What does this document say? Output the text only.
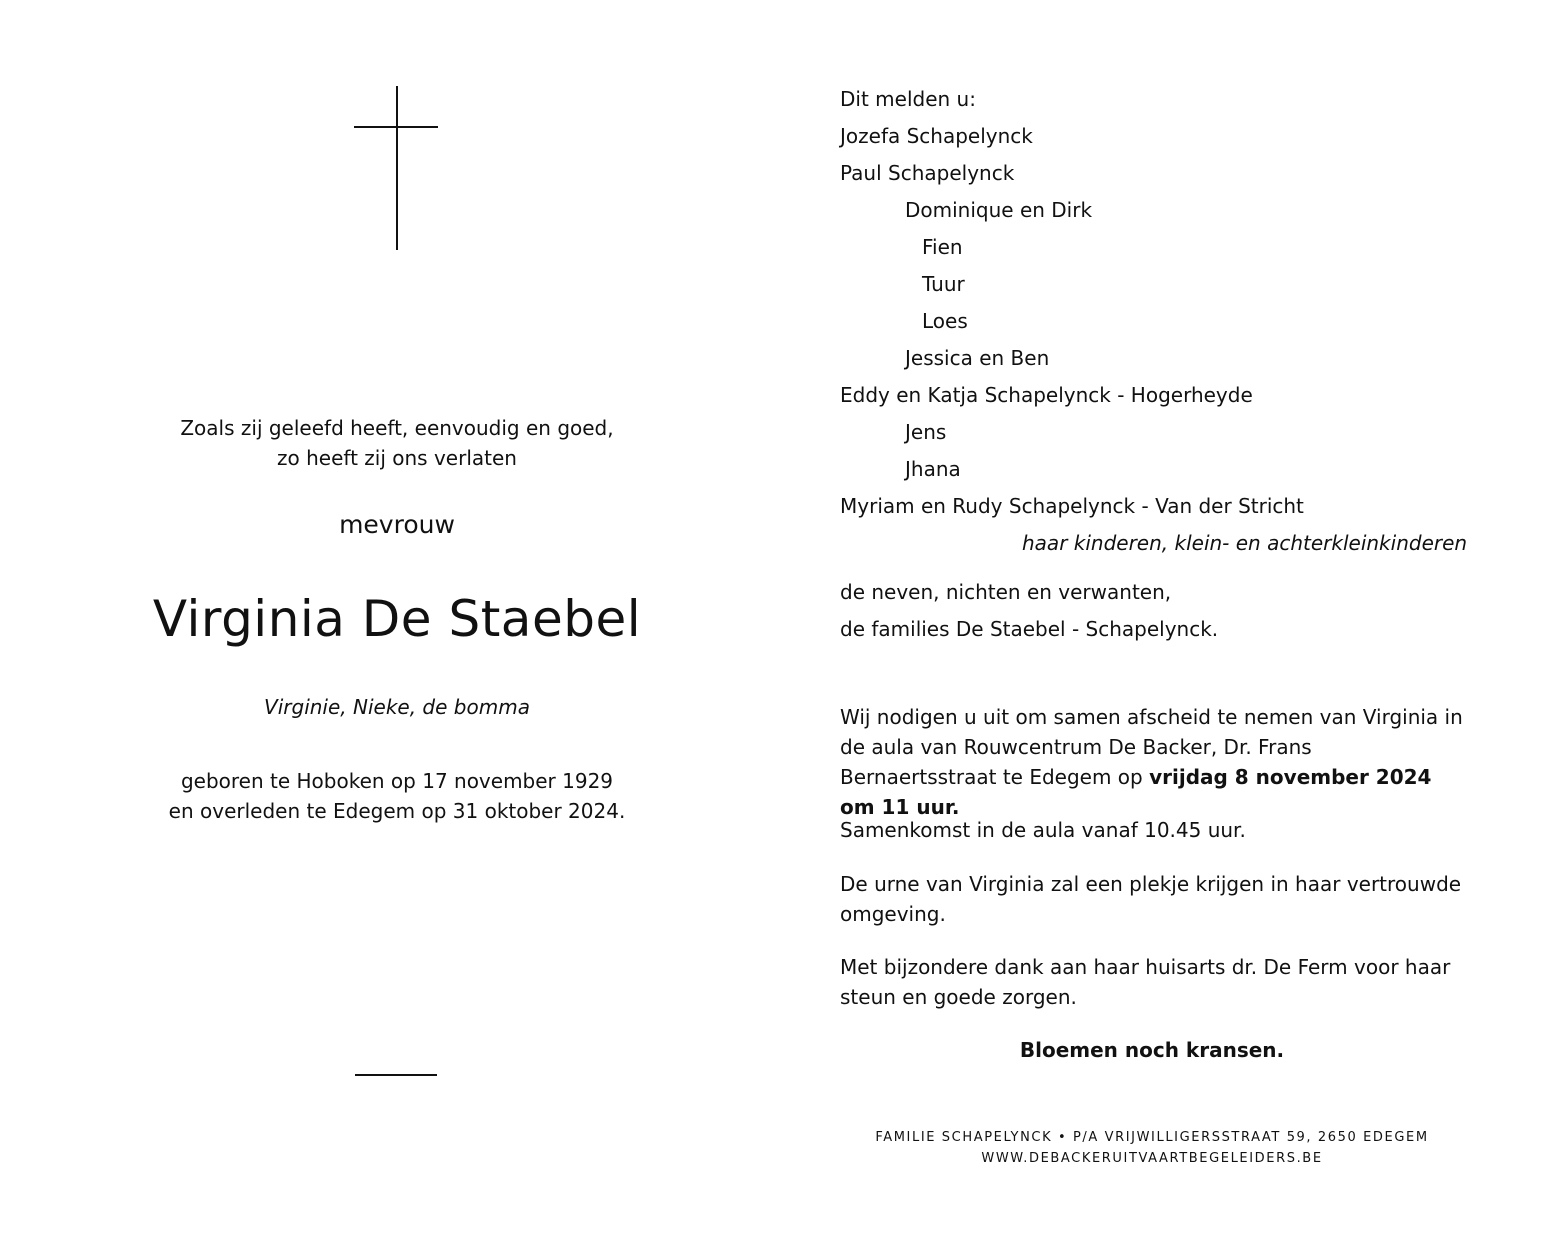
Zoals zij geleefd heeft, eenvoudig en goed,
zo heeft zij ons verlaten
mevrouw
Virginia De Staebel
Virginie, Nieke, de bomma
geboren te Hoboken op 17 november 1929
en overleden te Edegem op 31 oktober 2024.
Dit melden u:
Jozefa Schapelynck
Paul Schapelynck
Dominique en Dirk
Fien
Tuur
Loes
Jessica en Ben
Eddy en Katja Schapelynck - Hogerheyde
Jens
Jhana
Myriam en Rudy Schapelynck - Van der Stricht
haar kinderen, klein- en achterkleinkinderen
de neven, nichten en verwanten,
de families De Staebel - Schapelynck.
Wij nodigen u uit om samen afscheid te nemen van Virginia in de aula van Rouwcentrum De Backer, Dr. Frans Bernaertsstraat te Edegem op vrijdag 8 november 2024 om 11 uur.
Samenkomst in de aula vanaf 10.45 uur.
De urne van Virginia zal een plekje krijgen in haar vertrouwde omgeving.
Met bijzondere dank aan haar huisarts dr. De Ferm voor haar steun en goede zorgen.
Bloemen noch kransen.
FAMILIE SCHAPELYNCK • P/A VRIJWILLIGERSSTRAAT 59, 2650 EDEGEM
WWW.DEBACKERUITVAARTBEGELEIDERS.BE
